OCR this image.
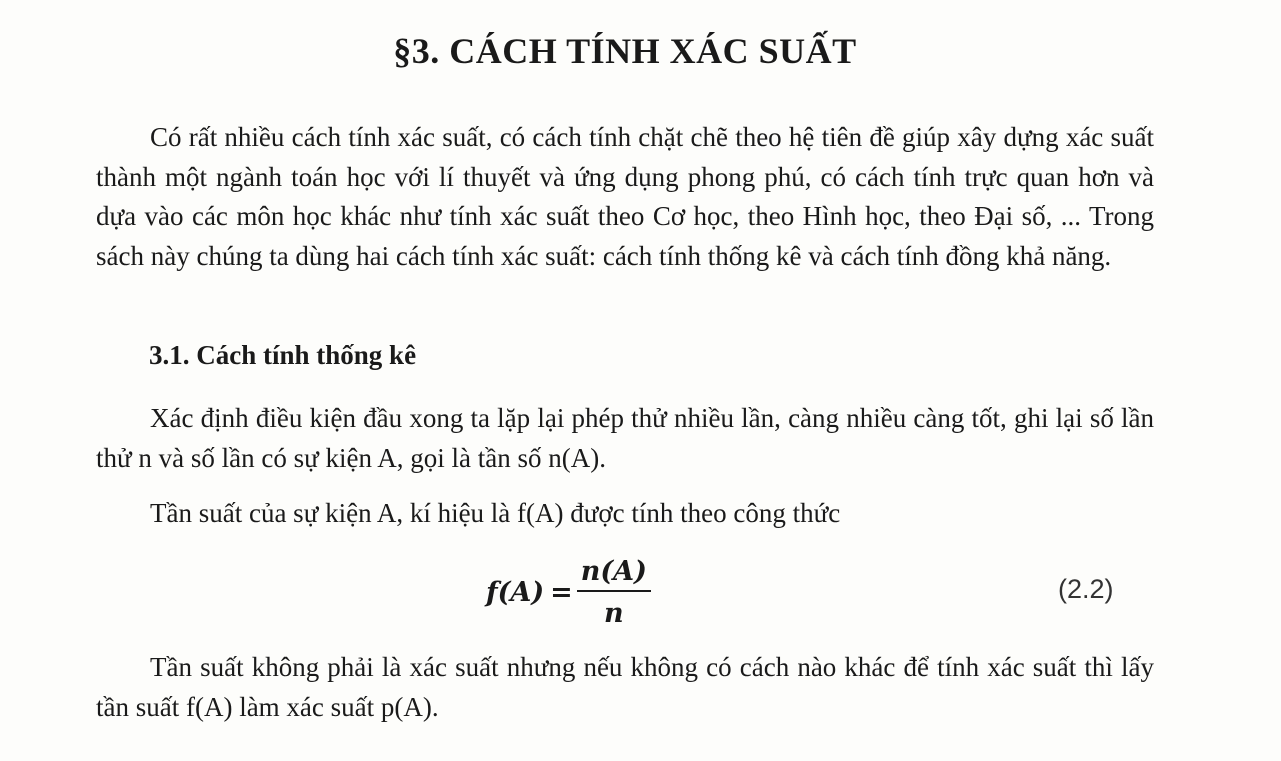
§3. CÁCH TÍNH XÁC SUẤT
Có rất nhiều cách tính xác suất, có cách tính chặt chẽ theo hệ tiên đề giúp xây dựng xác suất thành một ngành toán học với lí thuyết và ứng dụng phong phú, có cách tính trực quan hơn và dựa vào các môn học khác như tính xác suất theo Cơ học, theo Hình học, theo Đại số, ... Trong sách này chúng ta dùng hai cách tính xác suất: cách tính thống kê và cách tính đồng khả năng.
3.1. Cách tính thống kê
Xác định điều kiện đầu xong ta lặp lại phép thử nhiều lần, càng nhiều càng tốt, ghi lại số lần thử n và số lần có sự kiện A, gọi là tần số n(A).
Tần suất của sự kiện A, kí hiệu là f(A) được tính theo công thức
$f(A) = \frac{n(A)}{n}$	(2.2)
Tần suất không phải là xác suất nhưng nếu không có cách nào khác để tính xác suất thì lấy tần suất f(A) làm xác suất p(A).
